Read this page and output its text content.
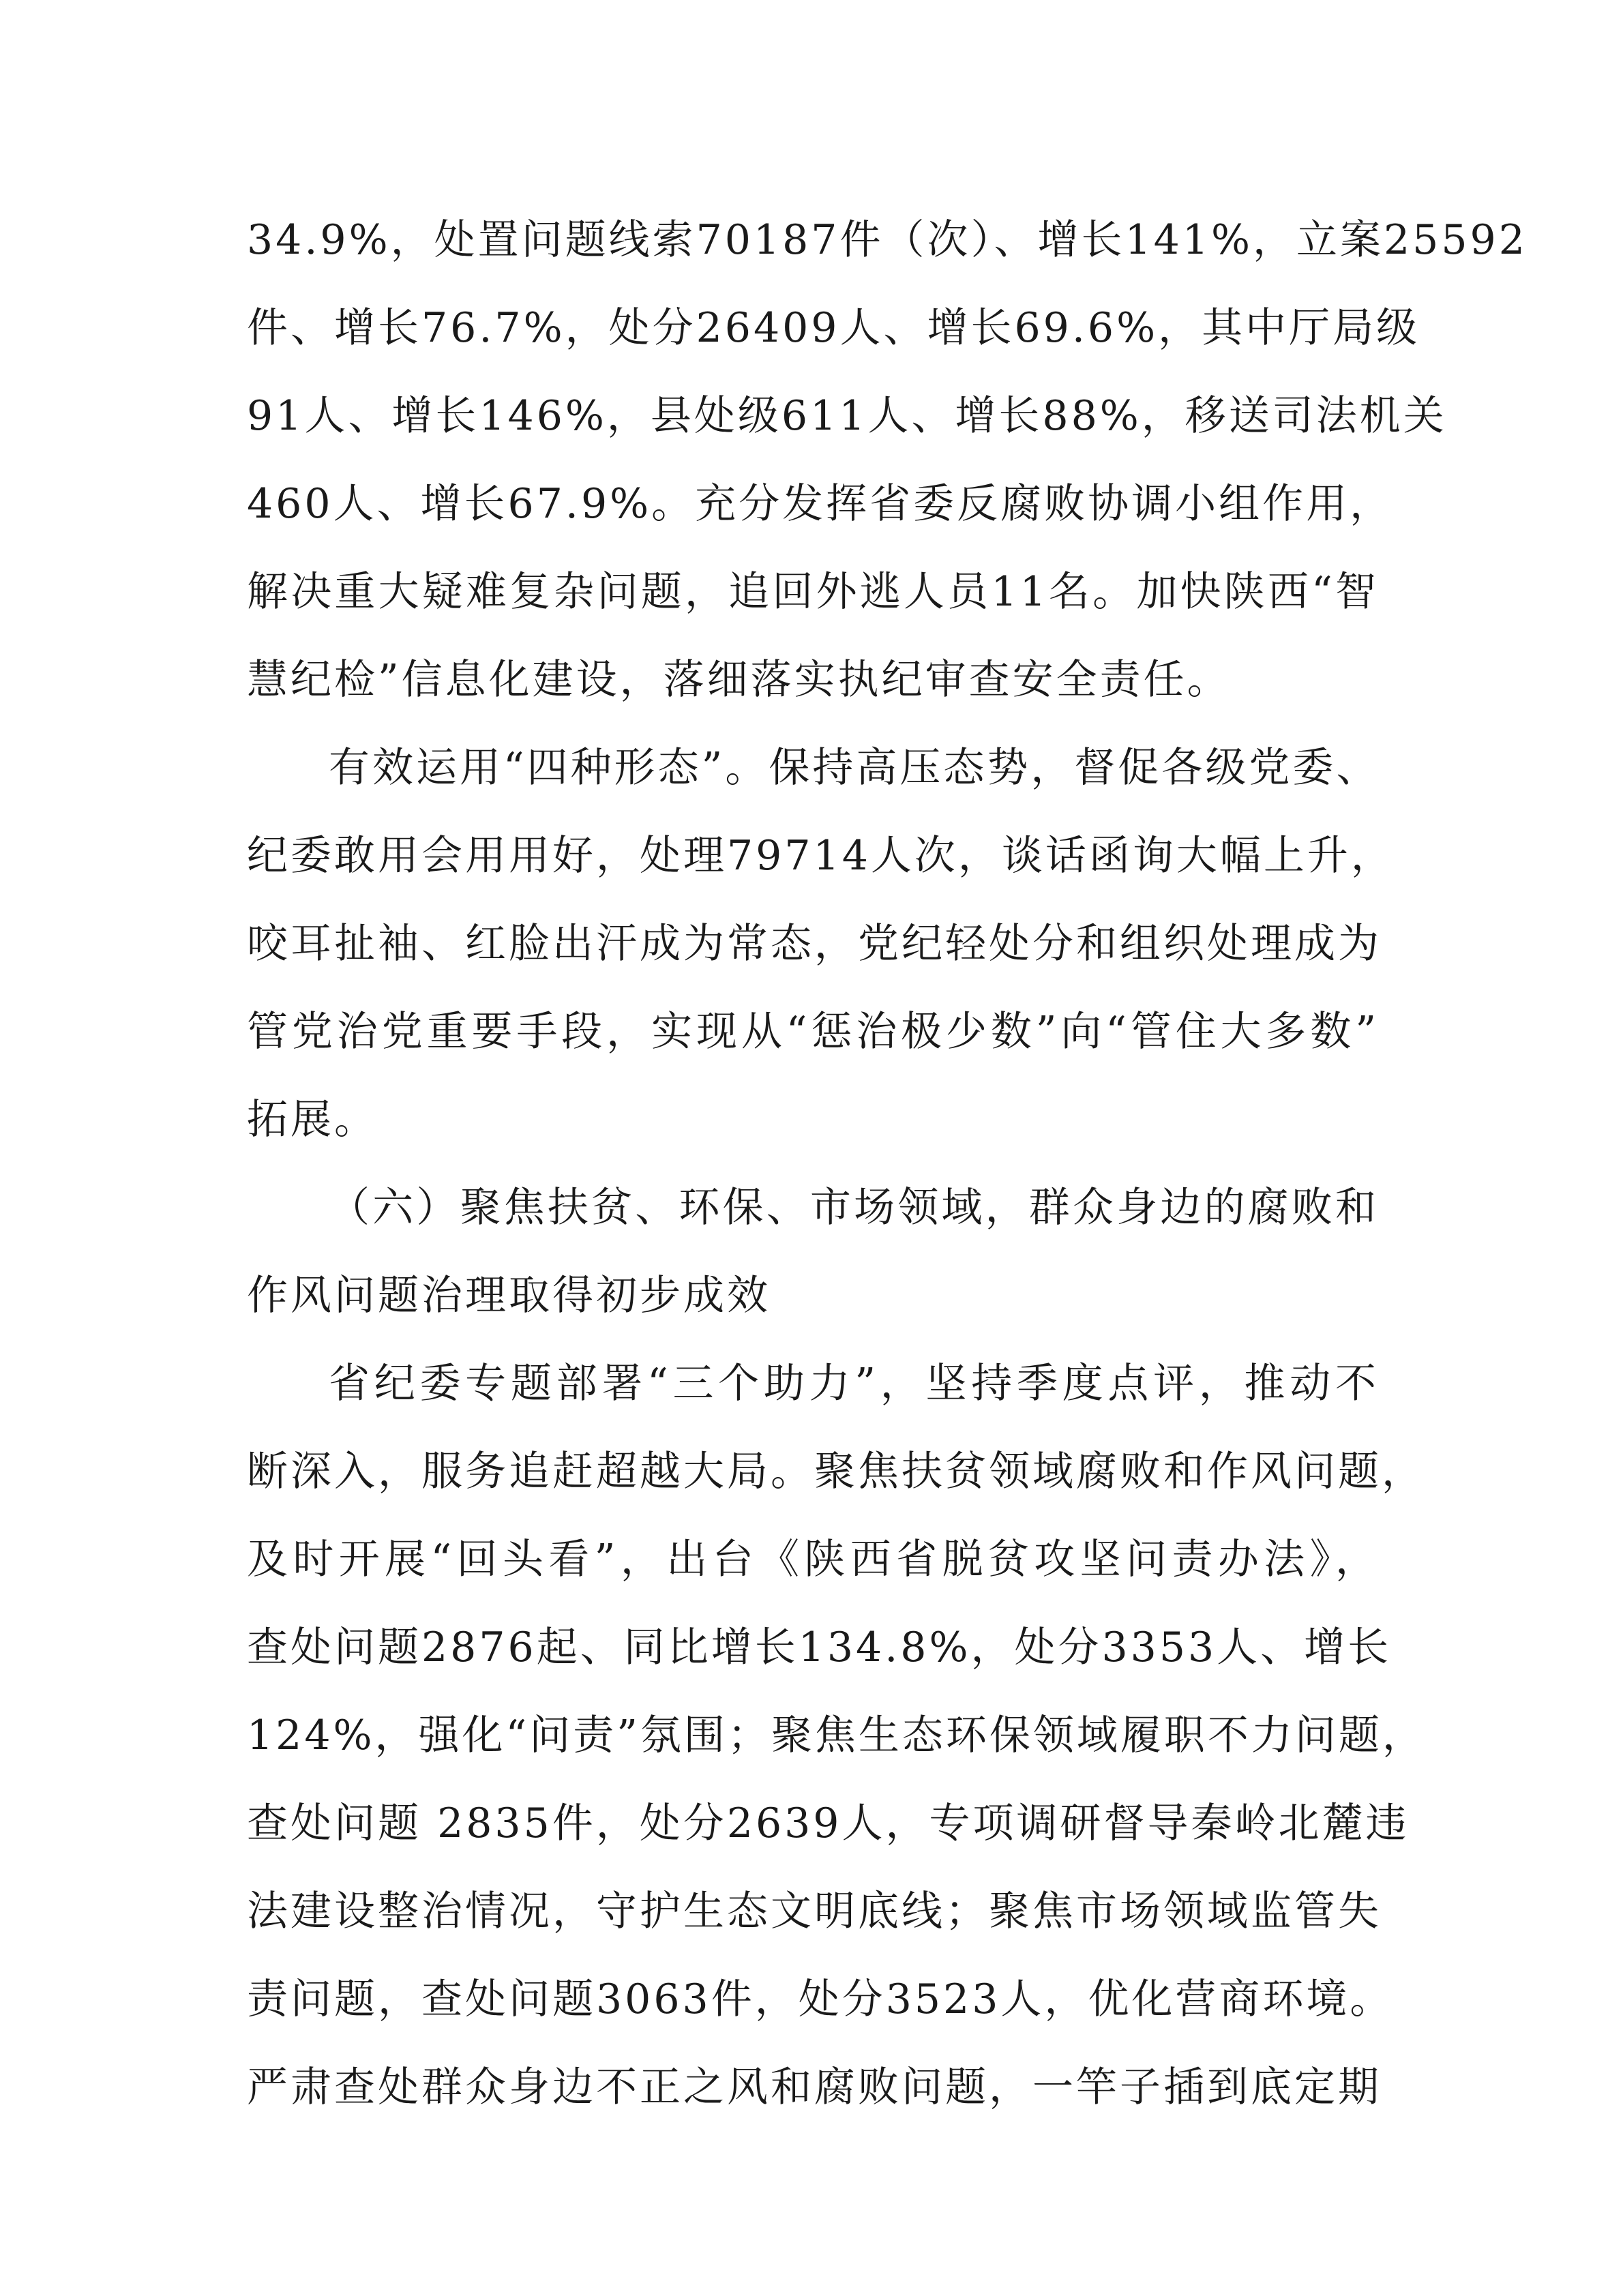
34.9%，处置问题线索70187件（次）、增长141%，立案25592
件、增长76.7%，处分26409人、增长69.6%，其中厅局级
91人、增长146%，县处级611人、增长88%，移送司法机关
460人、增长67.9%。充分发挥省委反腐败协调小组作用，
解决重大疑难复杂问题，追回外逃人员11名。加快陕西“智
慧纪检”信息化建设，落细落实执纪审查安全责任。
有效运用“四种形态”。保持高压态势，督促各级党委、
纪委敢用会用用好，处理79714人次，谈话函询大幅上升，
咬耳扯袖、红脸出汗成为常态，党纪轻处分和组织处理成为
管党治党重要手段，实现从“惩治极少数”向“管住大多数”
拓展。
（六）聚焦扶贫、环保、市场领域，群众身边的腐败和
作风问题治理取得初步成效
省纪委专题部署“三个助力”，坚持季度点评，推动不
断深入，服务追赶超越大局。聚焦扶贫领域腐败和作风问题，
及时开展“回头看”，出台《陕西省脱贫攻坚问责办法》，
查处问题2876起、同比增长134.8%，处分3353人、增长
124%，强化“问责”氛围；聚焦生态环保领域履职不力问题，
查处问题 2835件，处分2639人，专项调研督导秦岭北麓违
法建设整治情况，守护生态文明底线；聚焦市场领域监管失
责问题，查处问题3063件，处分3523人，优化营商环境。
严肃查处群众身边不正之风和腐败问题，一竿子插到底定期
